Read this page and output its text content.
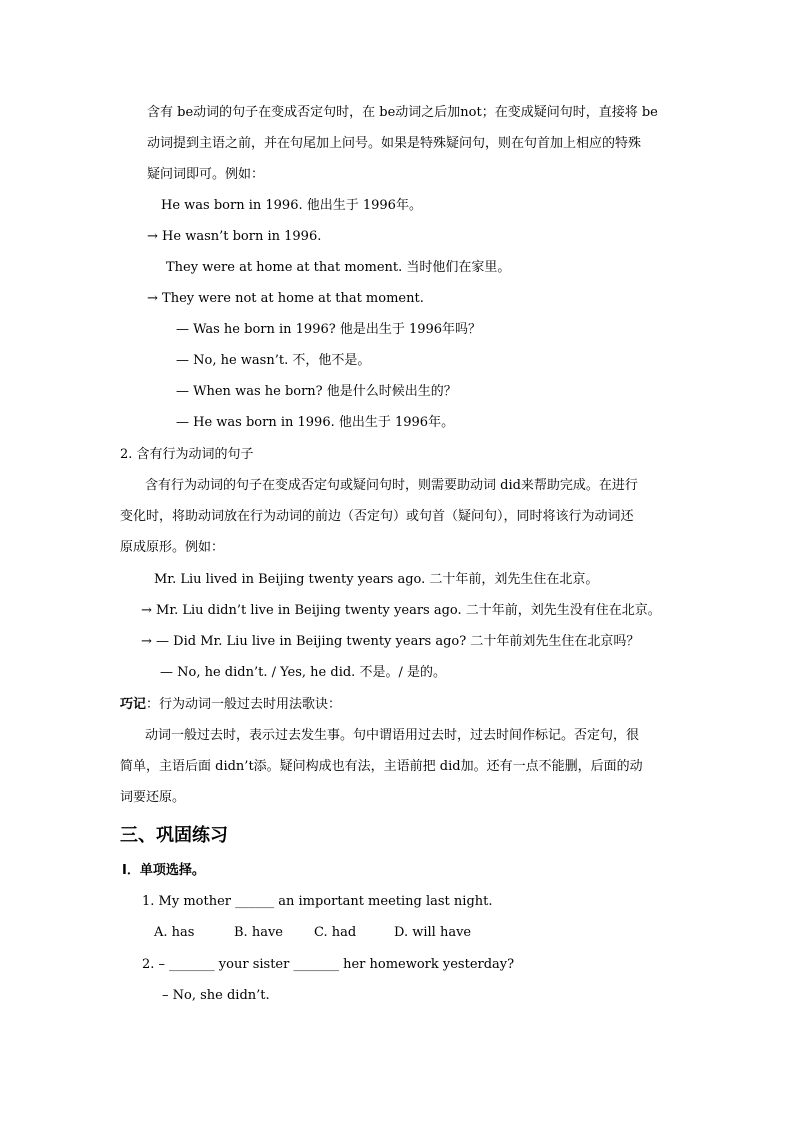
含有 be动词的句子在变成否定句时，在 be动词之后加not；在变成疑问句时，直接将 be
动词提到主语之前，并在句尾加上问号。如果是特殊疑问句，则在句首加上相应的特殊
疑问词即可。例如：
He was born in 1996. 他出生于 1996年。
→ He wasn’t born in 1996.
They were at home at that moment. 当时他们在家里。
→ They were not at home at that moment.
— Was he born in 1996? 他是出生于 1996年吗？
— No, he wasn’t. 不，他不是。
— When was he born? 他是什么时候出生的？
— He was born in 1996. 他出生于 1996年。
2. 含有行为动词的句子
含有行为动词的句子在变成否定句或疑问句时，则需要助动词 did来帮助完成。在进行
变化时，将助动词放在行为动词的前边（否定句）或句首（疑问句），同时将该行为动词还
原成原形。例如：
Mr. Liu lived in Beijing twenty years ago. 二十年前，刘先生住在北京。
→ Mr. Liu didn’t live in Beijing twenty years ago. 二十年前，刘先生没有住在北京。
→ — Did Mr. Liu live in Beijing twenty years ago? 二十年前刘先生住在北京吗？
— No, he didn’t. / Yes, he did. 不是。/ 是的。
巧记：行为动词一般过去时用法歌诀：
动词一般过去时，表示过去发生事。句中谓语用过去时，过去时间作标记。否定句，很
简单，主语后面 didn’t添。疑问构成也有法，主语前把 did加。还有一点不能删，后面的动
词要还原。
三、巩固练习
I．单项选择。
1. My mother ______ an important meeting last night.
A. has	B. have C. had	D. will have
2. – _______ your sister _______ her homework yesterday?
– No, she didn’t.
